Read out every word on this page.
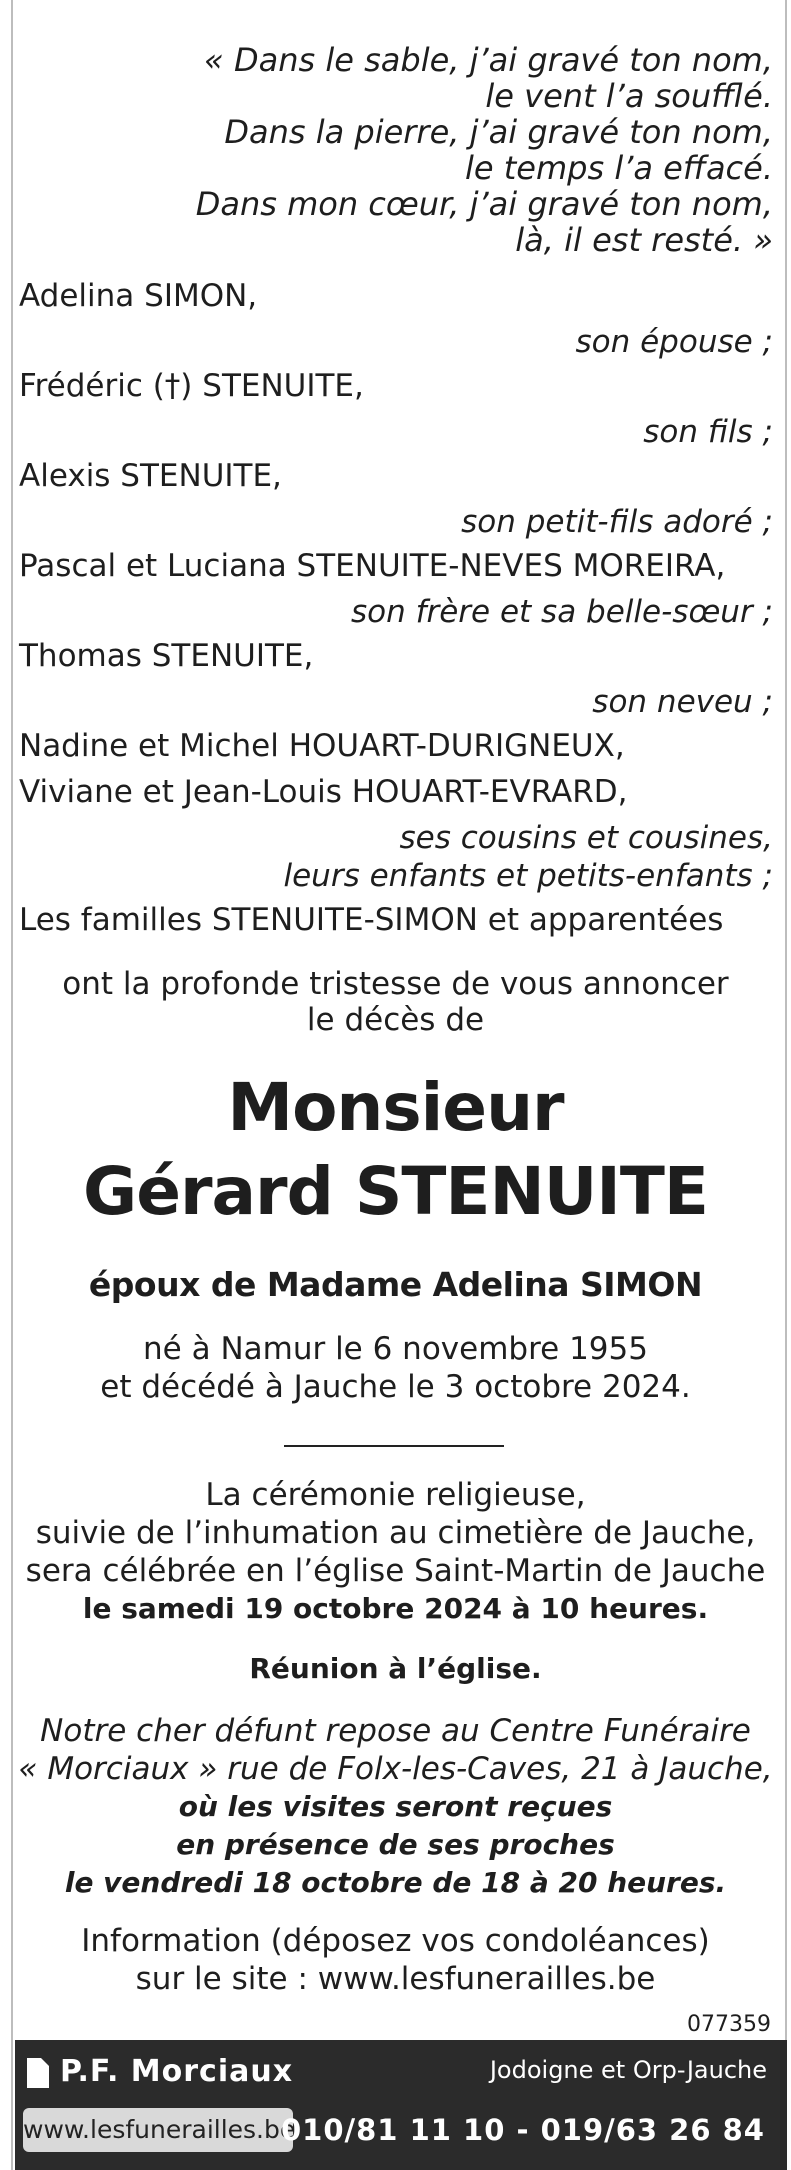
« Dans le sable, j’ai gravé ton nom,

le vent l’a soufflé.

Dans la pierre, j’ai gravé ton nom,

le temps l’a effacé.

Dans mon cœur, j’ai gravé ton nom,

là, il est resté. »

Adelina SIMON,

son épouse ;

Frédéric (†) STENUITE,

son fils ;

Alexis STENUITE,

son petit-fils adoré ;

Pascal et Luciana STENUITE-NEVES MOREIRA,

son frère et sa belle-sœur ;

Thomas STENUITE,

son neveu ;

Nadine et Michel HOUART-DURIGNEUX,

Viviane et Jean-Louis HOUART-EVRARD,

ses cousins et cousines,

leurs enfants et petits-enfants ;

Les familles STENUITE-SIMON et apparentées

ont la profonde tristesse de vous annoncer

le décès de

Monsieur

Gérard STENUITE

époux de Madame Adelina SIMON

né à Namur le 6 novembre 1955

et décédé à Jauche le 3 octobre 2024.

La cérémonie religieuse,

suivie de l’inhumation au cimetière de Jauche,

sera célébrée en l’église Saint-Martin de Jauche

le samedi 19 octobre 2024 à 10 heures.

Réunion à l’église.

Notre cher défunt repose au Centre Funéraire

« Morciaux » rue de Folx-les-Caves, 21 à Jauche,

où les visites seront reçues

en présence de ses proches

le vendredi 18 octobre de 18 à 20 heures.

Information (déposez vos condoléances)

sur le site : www.lesfunerailles.be

077359

P.F. Morciaux	Jodoigne et Orp-Jauche
www.lesfunerailles.be
010/81 11 10 - 019/63 26 84
